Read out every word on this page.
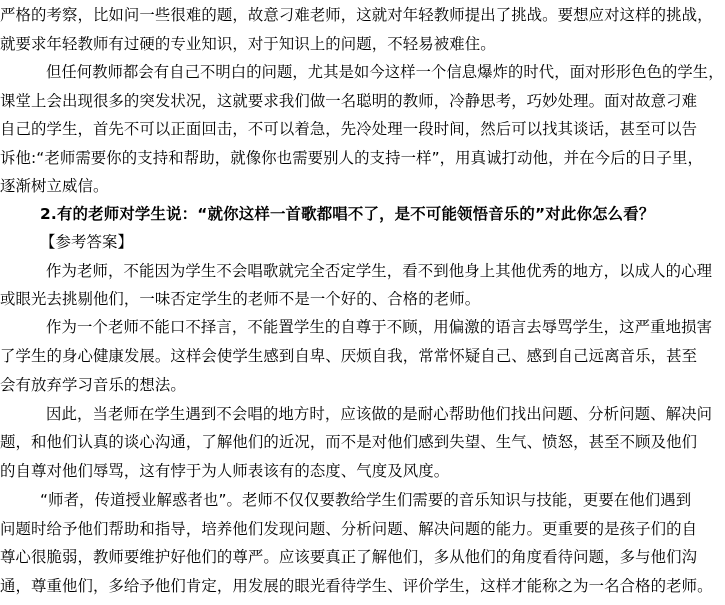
严格的考察，比如问一些很难的题，故意刁难老师，这就对年轻教师提出了挑战。要想应对这样的挑战，
就要求年轻教师有过硬的专业知识，对于知识上的问题，不轻易被难住。
但任何教师都会有自己不明白的问题，尤其是如今这样一个信息爆炸的时代，面对形形色色的学生，
课堂上会出现很多的突发状况，这就要求我们做一名聪明的教师，冷静思考，巧妙处理。面对故意刁难
自己的学生，首先不可以正面回击，不可以着急，先冷处理一段时间，然后可以找其谈话，甚至可以告
诉他:“老师需要你的支持和帮助，就像你也需要别人的支持一样”，用真诚打动他，并在今后的日子里，
逐渐树立威信。
2.有的老师对学生说：“就你这样一首歌都唱不了，是不可能领悟音乐的”对此你怎么看？
【参考答案】
作为老师，不能因为学生不会唱歌就完全否定学生，看不到他身上其他优秀的地方，以成人的心理
或眼光去挑剔他们，一味否定学生的老师不是一个好的、合格的老师。
作为一个老师不能口不择言，不能置学生的自尊于不顾，用偏激的语言去辱骂学生，这严重地损害
了学生的身心健康发展。这样会使学生感到自卑、厌烦自我，常常怀疑自己、感到自己远离音乐，甚至
会有放弃学习音乐的想法。
因此，当老师在学生遇到不会唱的地方时，应该做的是耐心帮助他们找出问题、分析问题、解决问
题，和他们认真的谈心沟通，了解他们的近况，而不是对他们感到失望、生气、愤怒，甚至不顾及他们
的自尊对他们辱骂，这有悖于为人师表该有的态度、气度及风度。
“师者，传道授业解惑者也”。老师不仅仅要教给学生们需要的音乐知识与技能，更要在他们遇到
问题时给予他们帮助和指导，培养他们发现问题、分析问题、解决问题的能力。更重要的是孩子们的自
尊心很脆弱，教师要维护好他们的尊严。应该要真正了解他们，多从他们的角度看待问题，多与他们沟
通，尊重他们，多给予他们肯定，用发展的眼光看待学生、评价学生，这样才能称之为一名合格的老师。
